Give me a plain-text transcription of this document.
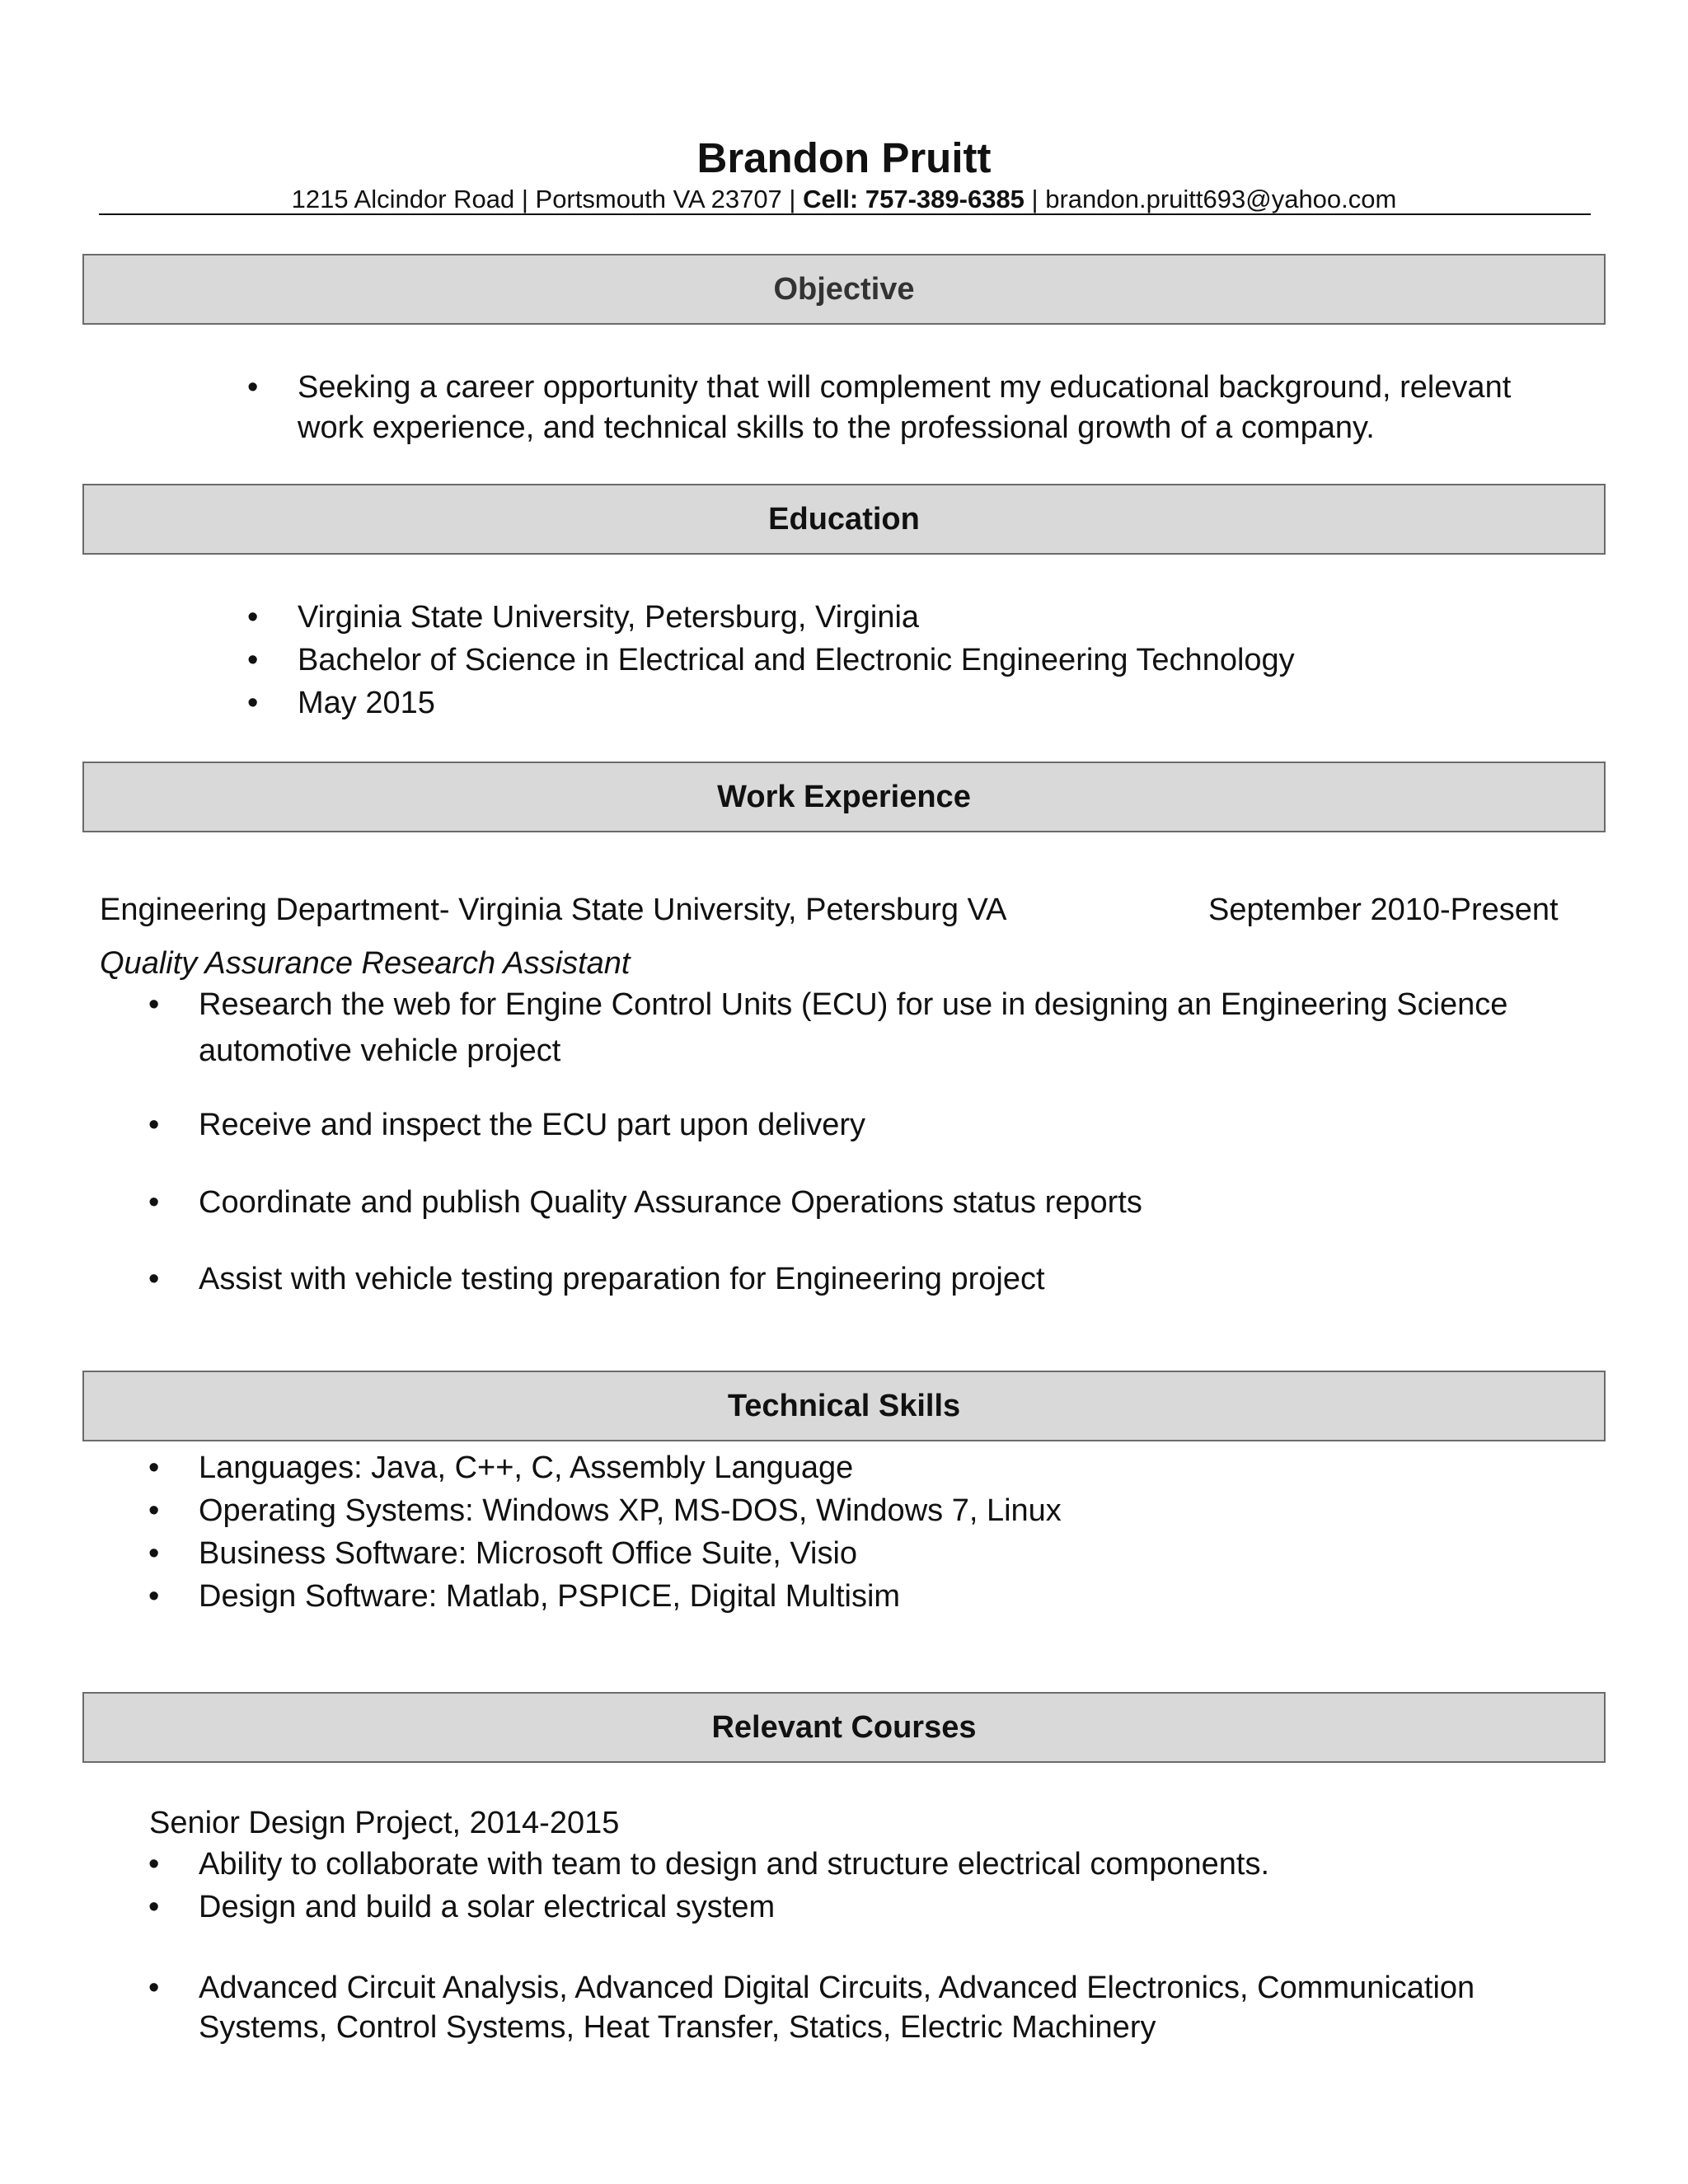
Brandon Pruitt
1215 Alcindor Road | Portsmouth VA 23707 | Cell: 757-389-6385 | brandon.pruitt693@yahoo.com
Objective
•	Seeking a career opportunity that will complement my educational background, relevant
work experience, and technical skills to the professional growth of a company.
Education
•	Virginia State University, Petersburg, Virginia
•	Bachelor of Science in Electrical and Electronic Engineering Technology
•	May 2015
Work Experience
Engineering Department- Virginia State University, Petersburg VA	September 2010-Present
Quality Assurance Research Assistant
•	Research the web for Engine Control Units (ECU) for use in designing an Engineering Science
automotive vehicle project
•	Receive and inspect the ECU part upon delivery
•	Coordinate and publish Quality Assurance Operations status reports
•	Assist with vehicle testing preparation for Engineering project
Technical Skills
•	Languages: Java, C++, C, Assembly Language
•	Operating Systems: Windows XP, MS-DOS, Windows 7, Linux
•	Business Software: Microsoft Office Suite, Visio
•	Design Software: Matlab, PSPICE, Digital Multisim
Relevant Courses
Senior Design Project, 2014-2015
•	Ability to collaborate with team to design and structure electrical components.
•	Design and build a solar electrical system
•	Advanced Circuit Analysis, Advanced Digital Circuits, Advanced Electronics, Communication
Systems, Control Systems, Heat Transfer, Statics, Electric Machinery
